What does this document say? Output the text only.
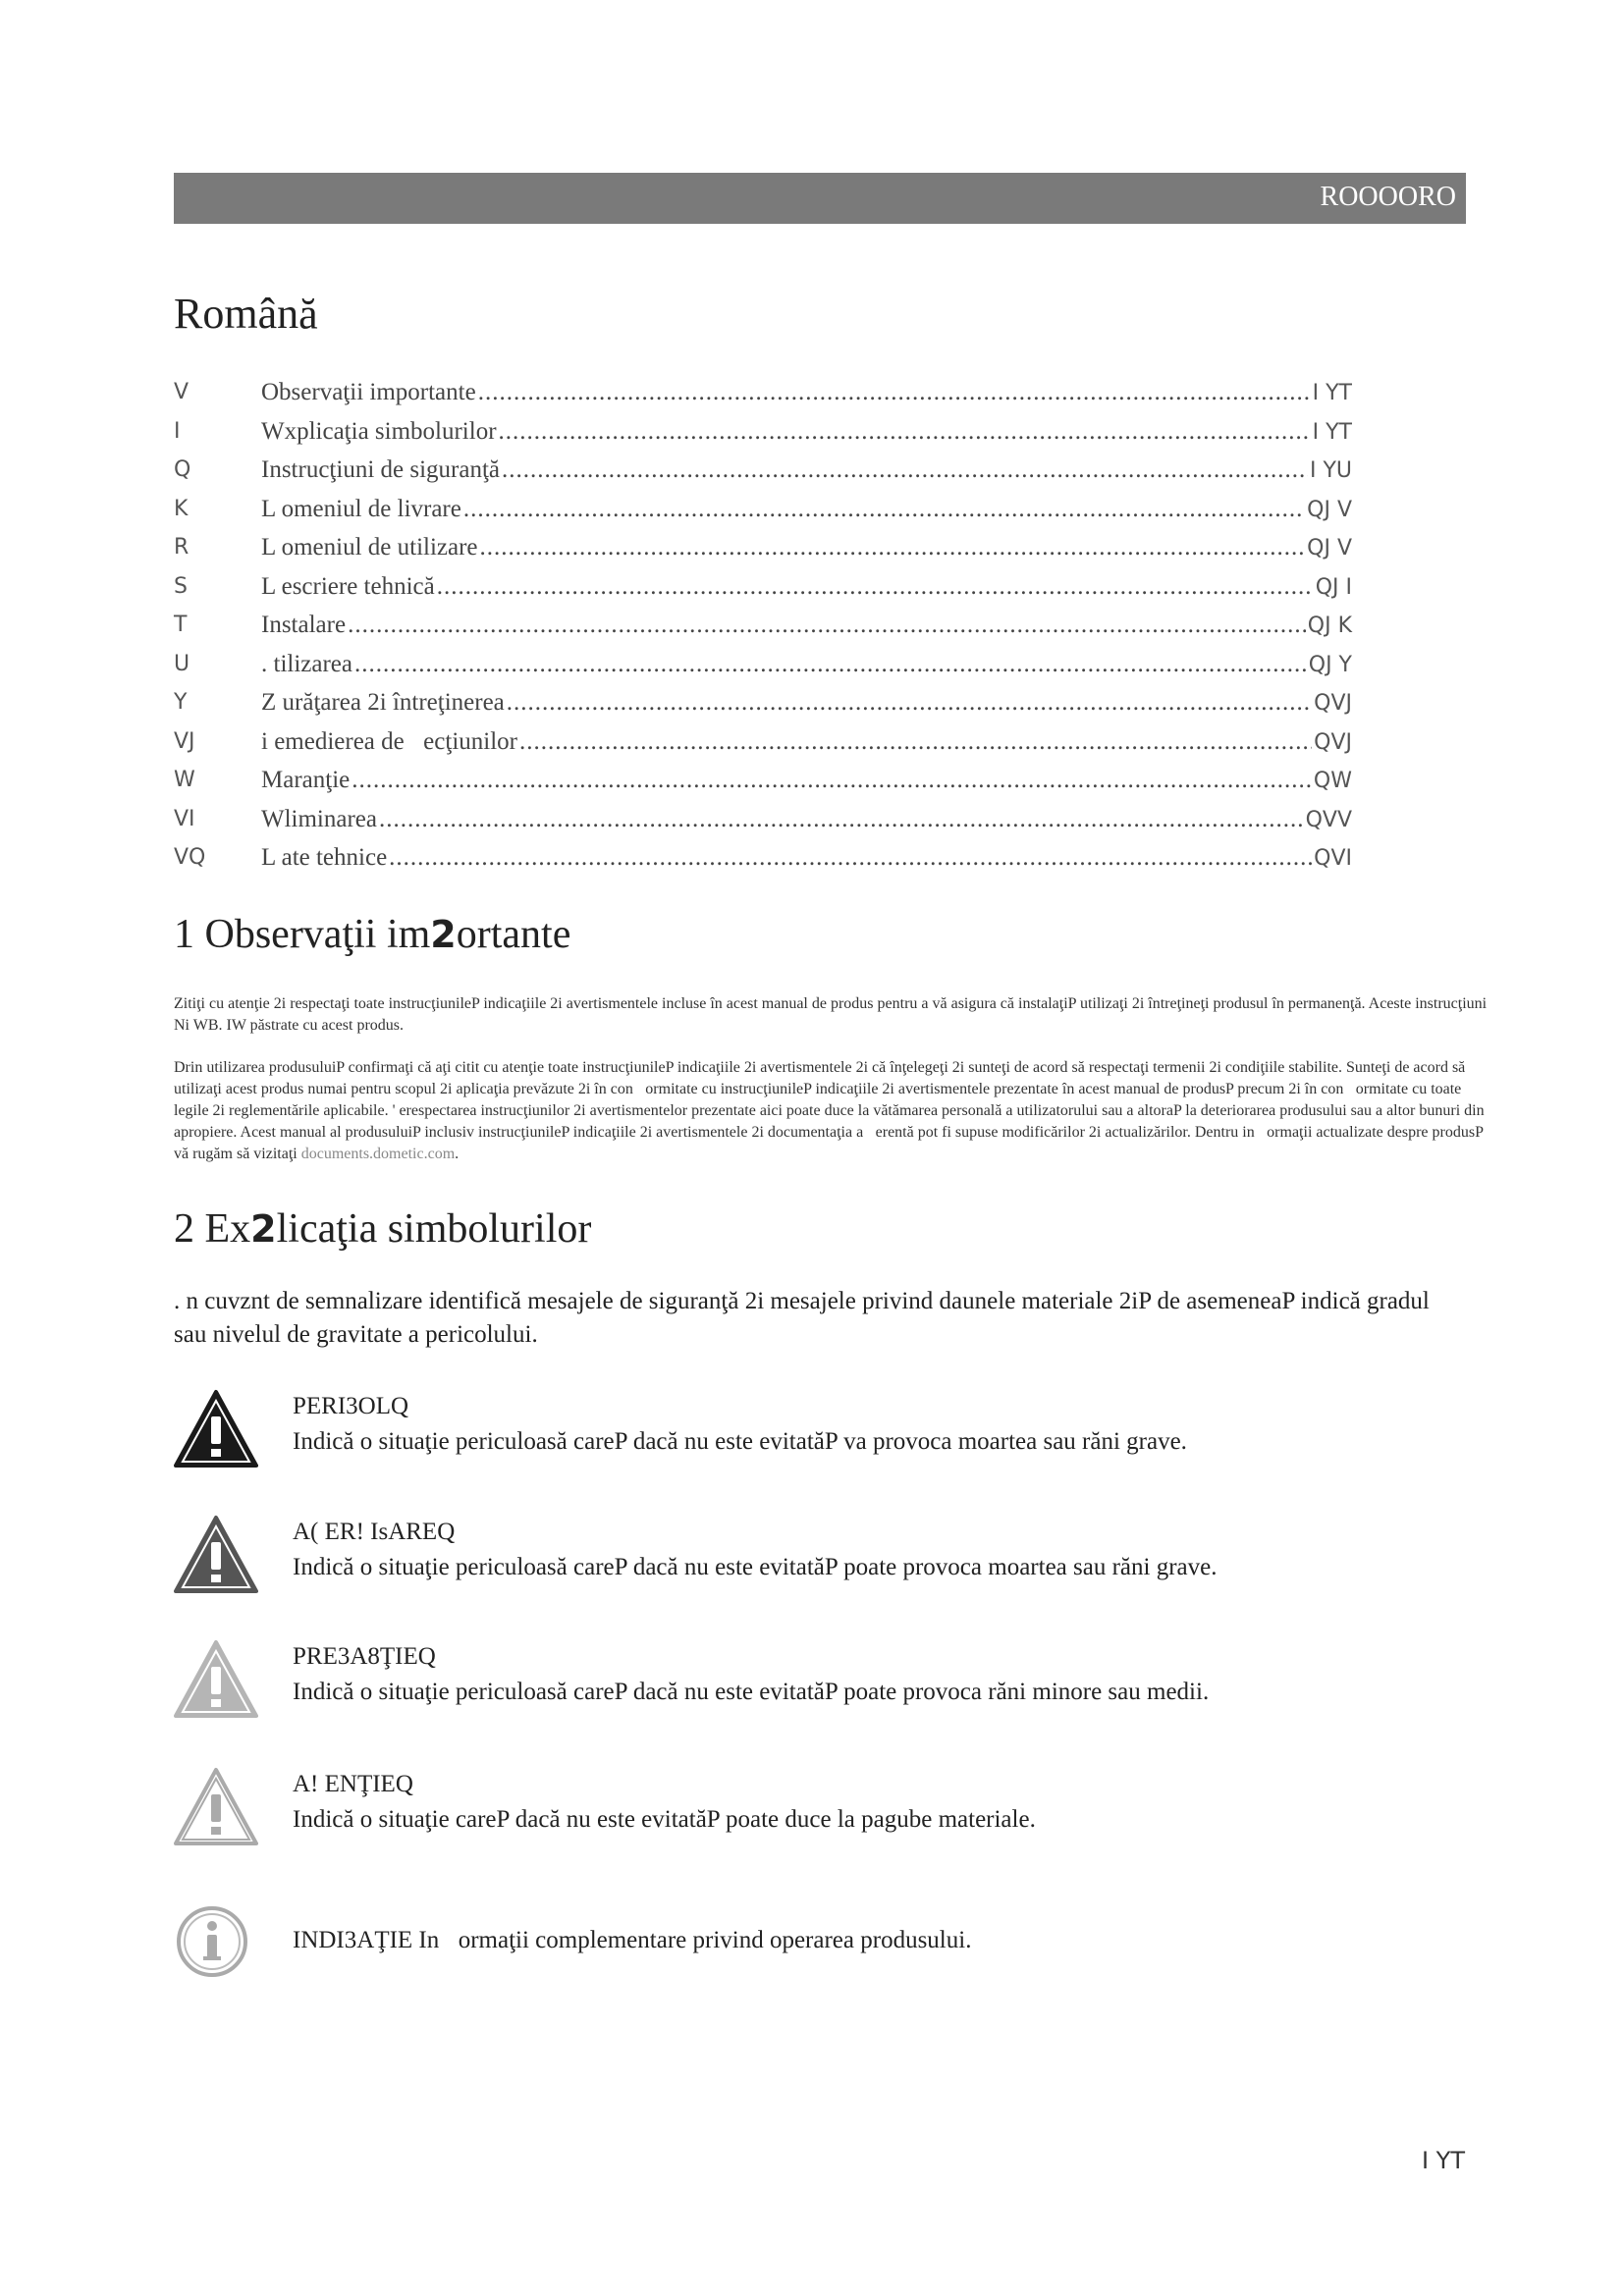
ROOOORO
Română
V	Observaţii importante .....	I YT
I	Wxplicaţia simbolurilor .....	I YT
Q	Instrucţiuni de siguranţă .....	I YU
K	L omeniul de livrare .....	QJ V
R	L omeniul de utilizare .....	QJ V
S	L escriere tehnică .....	QJ I
T	Instalare .....	QJ K
U	. tilizarea .....	QJ Y
Y	Z urăţarea 2i întreţinerea .....	QVJ
VJ	i emedierea de ecţiunilor .....	QVJ
W	Maranţie .....	QW
VI	Wliminarea .....	QVV
VQ L ate tehnice .....	QVI
1 Observaţii im2ortante

Zitiţi cu atenţie 2i respectaţi toate instrucţiunileP indicaţiile 2i avertismentele incluse în acest manual de produs pentru a vă asigura că instalaţiP utilizaţi 2i întreţineţi produsul în permanenţă. Aceste instrucţiuni Ni WB. IW păstrate cu acest produs.

Drin utilizarea produsuluiP confirmaţi că aţi citit cu atenţie toate instrucţiunileP indicaţiile 2i avertismentele 2i că înţelegeţi 2i sunteţi de acord să respectaţi termenii 2i condiţiile stabilite. Sunteţi de acord să utilizaţi acest produs numai pentru scopul 2i aplicaţia prevăzute 2i în con ormitate cu instrucţiunileP indicaţiile 2i avertismentele prezentate în acest manual de produsP precum 2i în con ormitate cu toate legile 2i reglementările aplicabile. ' erespectarea instrucţiunilor 2i avertismentelor prezentate aici poate duce la vătămarea personală a utilizatorului sau a altoraP la deteriorarea produsului sau a altor bunuri din apropiere. Acest manual al produsuluiP inclusiv instrucţiunileP indicaţiile 2i avertismentele 2i documentaţia a erentă pot fi supuse modificărilor 2i actualizărilor. Dentru in ormaţii actualizate despre produsP vă rugăm să vizitaţi documents.dometic.com.

2 Ex2licaţia simbolurilor

. n cuvznt de semnalizare identifică mesajele de siguranţă 2i mesajele privind daunele materiale 2iP de asemeneaP indică gradul sau nivelul de gravitate a pericolului.

PERI3OLQ
Indică o situaţie periculoasă careP dacă nu este evitatăP va provoca moartea sau răni grave.
A( ER! IsAREQ
Indică o situaţie periculoasă careP dacă nu este evitatăP poate provoca moartea sau răni grave.
PRE3A8ŢIEQ
Indică o situaţie periculoasă careP dacă nu este evitatăP poate provoca răni minore sau medii.
A! ENŢIEQ
Indică o situaţie careP dacă nu este evitatăP poate duce la pagube materiale.
INDI3AŢIE In ormaţii complementare privind operarea produsului.
I YT
